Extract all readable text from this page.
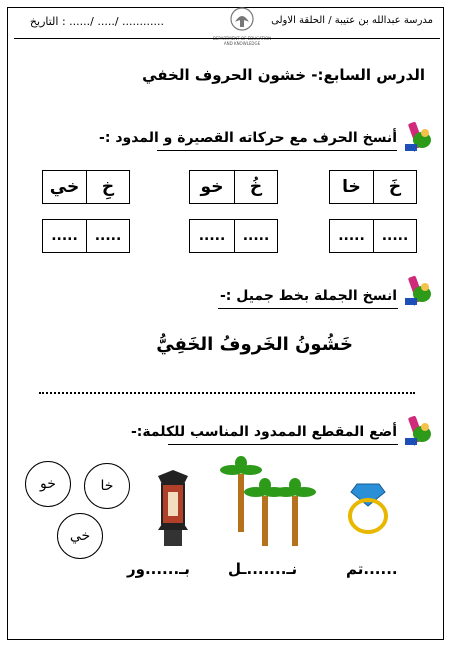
مدرسة عبدالله بن عتيبة / الحلقة الاولى
التاريخ : ....../ ...../ ............
DEPARTMENT OF EDUCATION AND KNOWLEDGE
الدرس السابع:- خشون الحروف الخفي
أنسخ الحرف مع حركاته القصيرة و المدود :-
خَ
خا
خُ
خو
خِ
خي
.....
.....
.....
.....
.....
.....
انسخ الجملة بخط جميل :-
خَشُونُ الخَروفُ الخَفِيُّ
أضع المقطع الممدود المناسب للكلمة:-
خا
خو
خي
......تم
نـ.......ـل
بـ......ور
